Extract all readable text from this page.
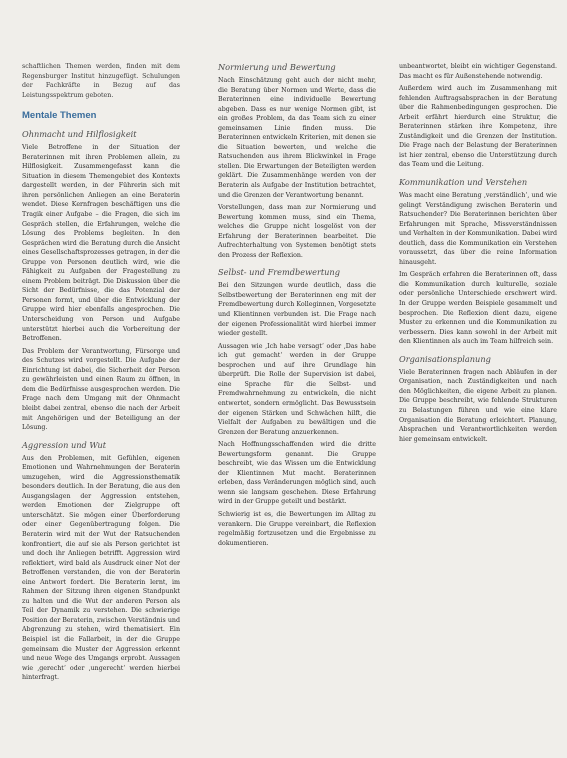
schaftlichen Themen werden, finden mit dem Regensburger Institut hinzugefügt. Schulungen der Fachkräfte in Bezug auf das Leistungsspektrum geboten.

Mentale Themen
Ohnmacht und Hilflosigkeit

Viele Betroffene in der Situation der Beraterinnen mit ihren Problemen allein, zu Hilflosigkeit. Zusammengefasst kann die Situation in diesem Themengebiet des Kontexts dargestellt werden, in der Führerin sich mit ihren persönlichen Anliegen an eine Beraterin wendet. Diese Kernfragen beschäftigen uns die Tragik einer Aufgabe – die Fragen, die sich im Gespräch stellen, die Erfahrungen, welche die Lösung des Problems begleiten. In den Gesprächen wird die Beratung durch die Ansicht eines Gesellschaftsprozesses getragen, in der die Gruppe von Personen deutlich wird, wie die Fähigkeit zu Aufgaben der Fragestellung zu einem Problem beiträgt. Die Diskussion über die Sicht der Bedürfnisse, die das Potenzial der Personen formt, und über die Entwicklung der Gruppe wird hier ebenfalls angesprochen. Die Unterscheidung von Person und Aufgabe unterstützt hierbei auch die Vorbereitung der Betroffenen.

Das Problem der Verantwortung, Fürsorge und des Schutzes wird vorgestellt. Die Aufgabe der Einrichtung ist dabei, die Sicherheit der Person zu gewährleisten und einen Raum zu öffnen, in dem die Bedürfnisse ausgesprochen werden. Die Frage nach dem Umgang mit der Ohnmacht bleibt dabei zentral, ebenso die nach der Arbeit mit Angehörigen und der Beteiligung an der Lösung.

Aggression und Wut

Aus den Problemen, mit Gefühlen, eigenen Emotionen und Wahrnehmungen der Beraterin umzugehen, wird die Aggressionsthematik besonders deutlich. In der Beratung, die aus den Ausgangslagen der Aggression entstehen, werden Emotionen der Zielgruppe oft unterschätzt. Sie mögen einer Überforderung oder einer Gegenübertragung folgen. Die Beraterin wird mit der Wut der Ratsuchenden konfrontiert, die auf sie als Person gerichtet ist und doch ihr Anliegen betrifft. Aggression wird reflektiert, wird bald als Ausdruck einer Not der Betroffenen verstanden, die von der Beraterin eine Antwort fordert. Die Beraterin lernt, im Rahmen der Sitzung ihren eigenen Standpunkt zu halten und die Wut der anderen Person als Teil der Dynamik zu verstehen. Die schwierige Position der Beraterin, zwischen Verständnis und Abgrenzung zu stehen, wird thematisiert. Ein Beispiel ist die Fallarbeit, in der die Gruppe gemeinsam die Muster der Aggression erkennt und neue Wege des Umgangs erprobt. Aussagen wie ‚gerecht‘ oder ‚ungerecht‘ werden hierbei hinterfragt.

Normierung und Bewertung

Nach Einschätzung geht auch der nicht mehr, die Beratung über Normen und Werte, dass die Beraterinnen eine individuelle Bewertung abgeben. Dass es nur wenige Normen gibt, ist ein großes Problem, da das Team sich zu einer gemeinsamen Linie finden muss. Die Beraterinnen entwickeln Kriterien, mit denen sie die Situation bewerten, und welche die Ratsuchenden aus ihrem Blickwinkel in Frage stellen. Die Erwartungen der Beteiligten werden geklärt. Die Zusammenhänge werden von der Beraterin als Aufgabe der Institution betrachtet, und die Grenzen der Verantwortung benannt.

Vorstellungen, dass man zur Normierung und Bewertung kommen muss, sind ein Thema, welches die Gruppe nicht losgelöst von der Erfahrung der Beraterinnen bearbeitet. Die Aufrechterhaltung von Systemen benötigt stets den Prozess der Reflexion.

Selbst- und Fremdbewertung

Bei den Sitzungen wurde deutlich, dass die Selbstbewertung der Beraterinnen eng mit der Fremdbewertung durch Kolleginnen, Vorgesetzte und Klientinnen verbunden ist. Die Frage nach der eigenen Professionalität wird hierbei immer wieder gestellt.

Aussagen wie ‚Ich habe versagt‘ oder ‚Das habe ich gut gemacht‘ werden in der Gruppe besprochen und auf ihre Grundlage hin überprüft. Die Rolle der Supervision ist dabei, eine Sprache für die Selbst- und Fremdwahrnehmung zu entwickeln, die nicht entwertet, sondern ermöglicht. Das Bewusstsein der eigenen Stärken und Schwächen hilft, die Vielfalt der Aufgaben zu bewältigen und die Grenzen der Beratung anzuerkennen.

Nach Hoffnungsschaffenden wird die dritte Bewertungsform genannt. Die Gruppe beschreibt, wie das Wissen um die Entwicklung der Klientinnen Mut macht. Beraterinnen erleben, dass Veränderungen möglich sind, auch wenn sie langsam geschehen. Diese Erfahrung wird in der Gruppe geteilt und bestärkt.

Schwierig ist es, die Bewertungen im Alltag zu verankern. Die Gruppe vereinbart, die Reflexion regelmäßig fortzusetzen und die Ergebnisse zu dokumentieren.

unbeantwortet, bleibt ein wichtiger Gegenstand. Das macht es für Außenstehende notwendig.

Außerdem wird auch im Zusammenhang mit fehlenden Auftragsabsprachen in der Beratung über die Rahmenbedingungen gesprochen. Die Arbeit erfährt hierdurch eine Struktur, die Beraterinnen stärken ihre Kompetenz, ihre Zuständigkeit und die Grenzen der Institution. Die Frage nach der Belastung der Beraterinnen ist hier zentral, ebenso die Unterstützung durch das Team und die Leitung.

Kommunikation und Verstehen

Was macht eine Beratung ‚verständlich‘, und wie gelingt Verständigung zwischen Beraterin und Ratsuchender? Die Beraterinnen berichten über Erfahrungen mit Sprache, Missverständnissen und Verhalten in der Kommunikation. Dabei wird deutlich, dass die Kommunikation ein Verstehen voraussetzt, das über die reine Information hinausgeht.

Im Gespräch erfahren die Beraterinnen oft, dass die Kommunikation durch kulturelle, soziale oder persönliche Unterschiede erschwert wird. In der Gruppe werden Beispiele gesammelt und besprochen. Die Reflexion dient dazu, eigene Muster zu erkennen und die Kommunikation zu verbessern. Dies kann sowohl in der Arbeit mit den Klientinnen als auch im Team hilfreich sein.

Organisationsplanung

Viele Beraterinnen fragen nach Abläufen in der Organisation, nach Zuständigkeiten und nach den Möglichkeiten, die eigene Arbeit zu planen. Die Gruppe beschreibt, wie fehlende Strukturen zu Belastungen führen und wie eine klare Organisation die Beratung erleichtert. Planung, Absprachen und Verantwortlichkeiten werden hier gemeinsam entwickelt.
